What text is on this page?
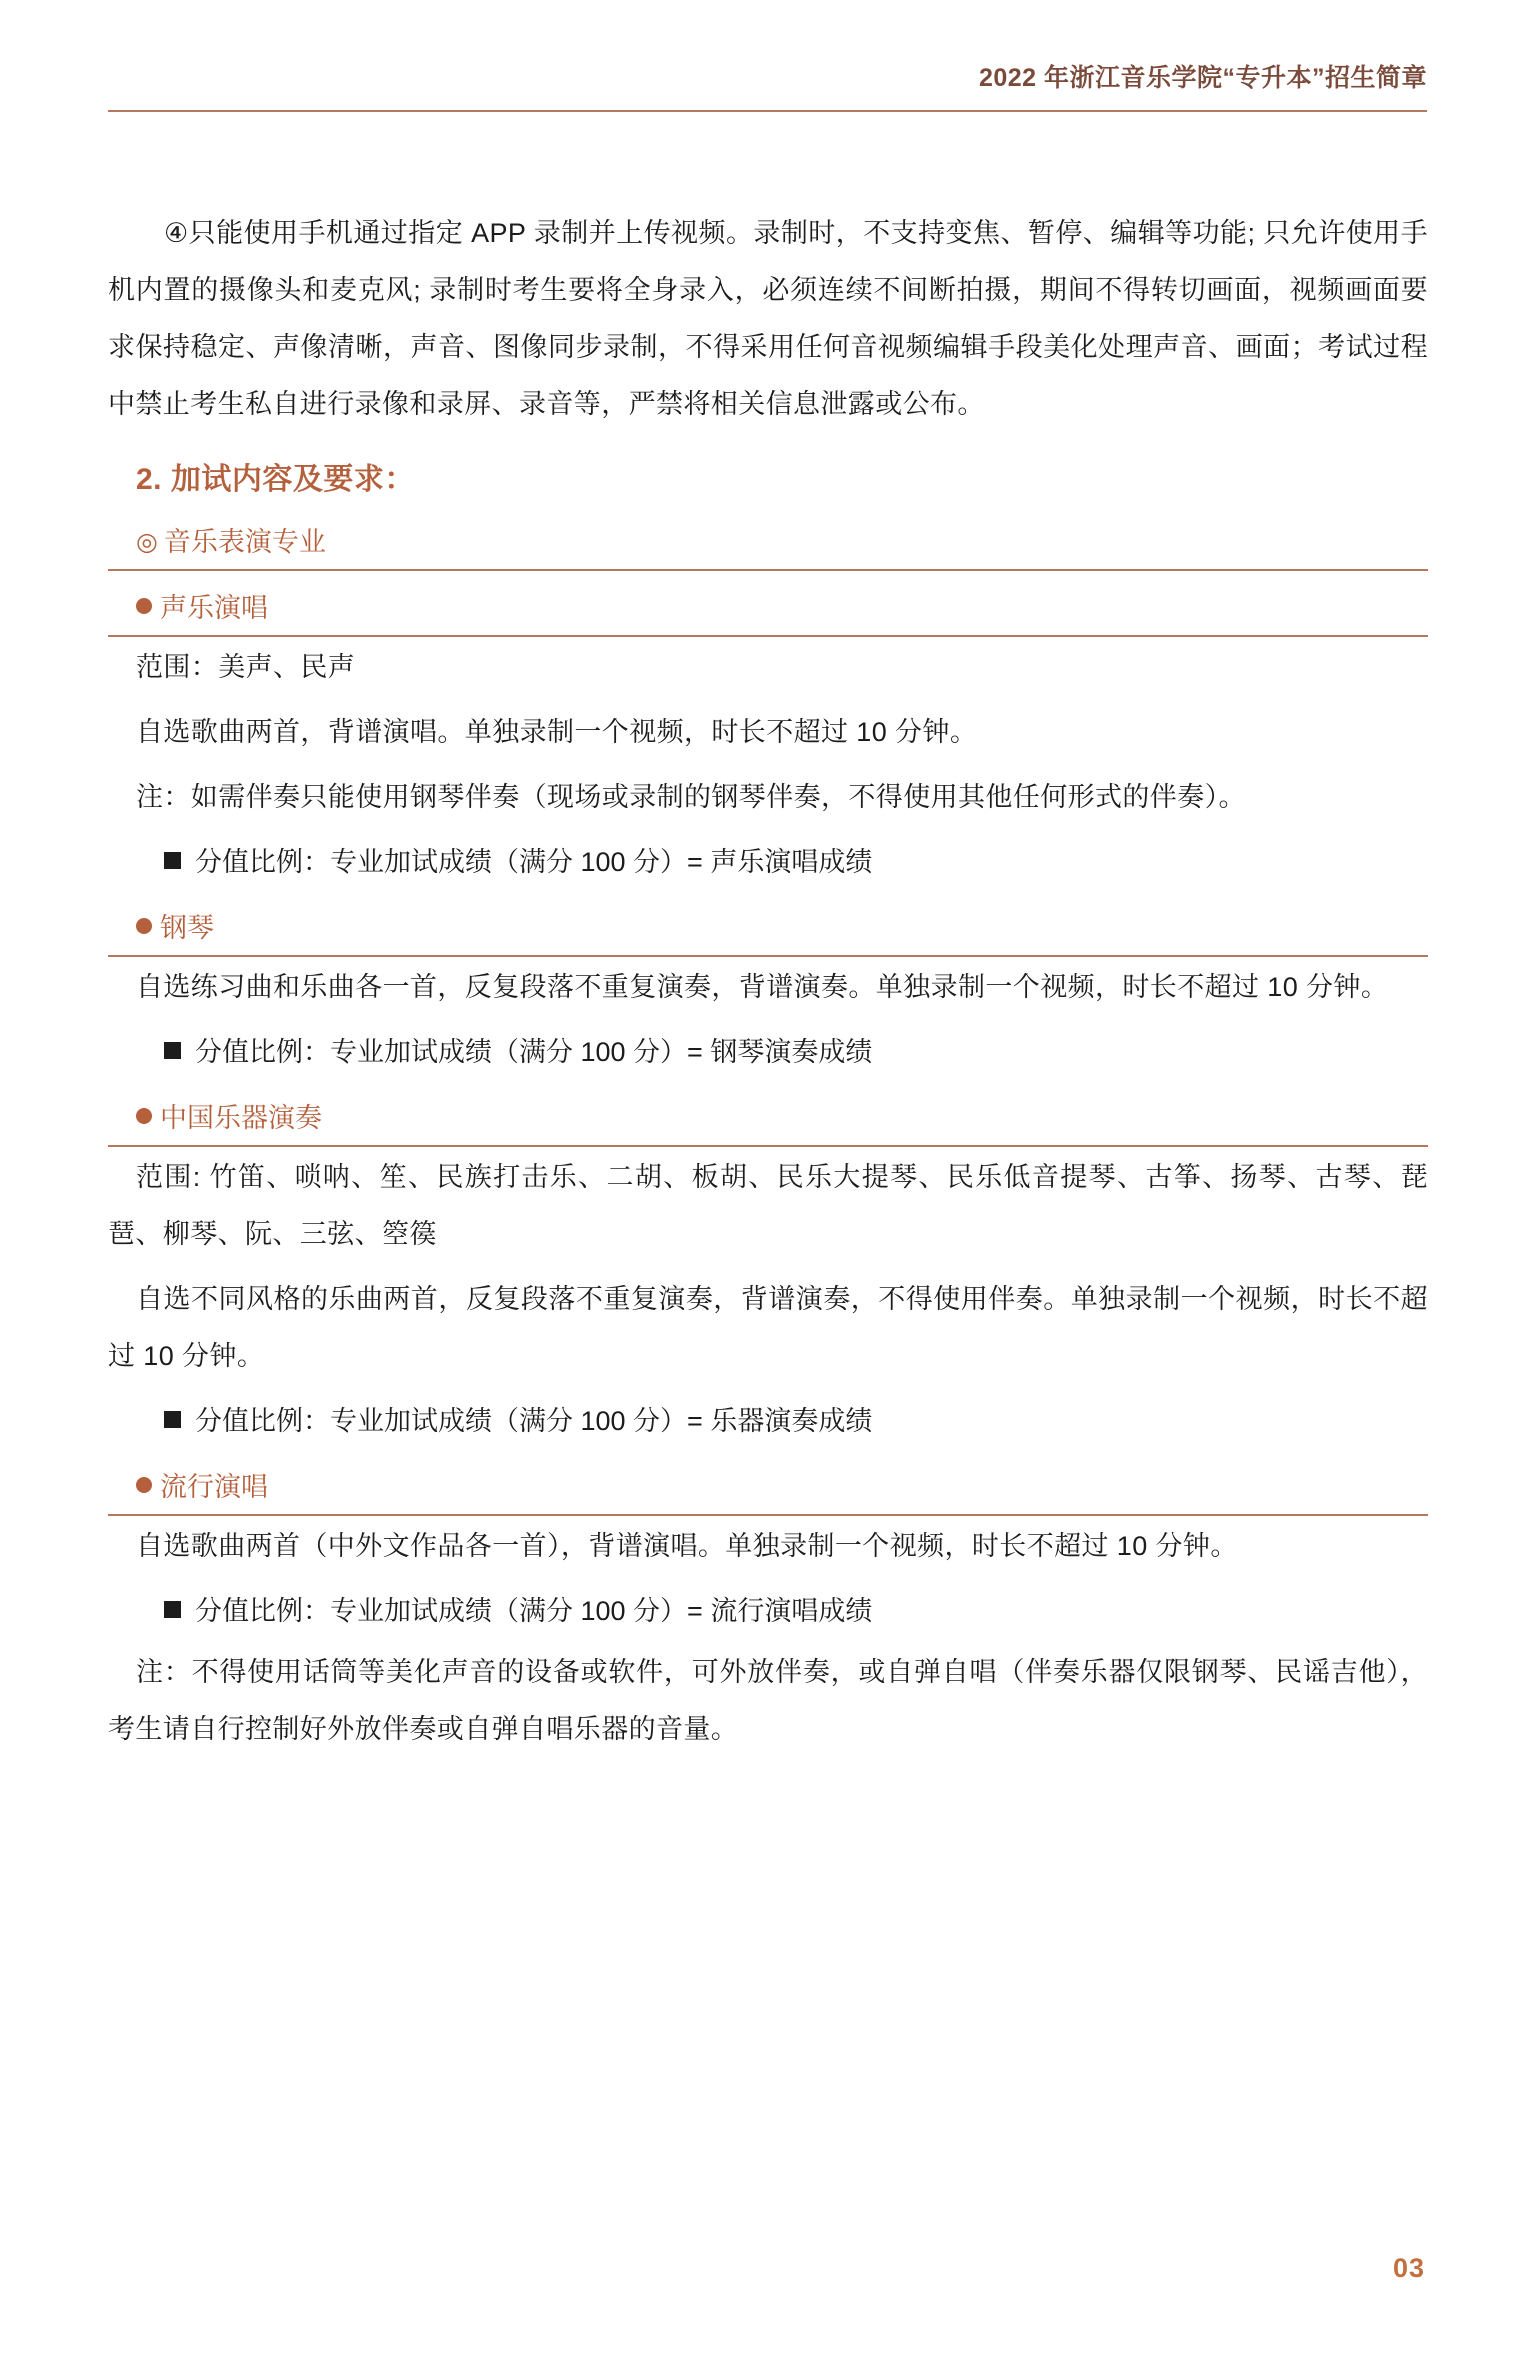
2022 年浙江音乐学院“专升本”招生简章

④只能使用手机通过指定 APP 录制并上传视频。录制时，不支持变焦、暂停、编辑等功能; 只允许使用手机内置的摄像头和麦克风; 录制时考生要将全身录入，必须连续不间断拍摄，期间不得转切画面，视频画面要求保持稳定、声像清晰，声音、图像同步录制，不得采用任何音视频编辑手段美化处理声音、画面；考试过程中禁止考生私自进行录像和录屏、录音等，严禁将相关信息泄露或公布。

2. 加试内容及要求：
◎ 音乐表演专业
声乐演唱

范围：美声、民声

自选歌曲两首，背谱演唱。单独录制一个视频，时长不超过 10 分钟。

注：如需伴奏只能使用钢琴伴奏（现场或录制的钢琴伴奏，不得使用其他任何形式的伴奏）。

分值比例：专业加试成绩（满分 100 分）= 声乐演唱成绩
钢琴

自选练习曲和乐曲各一首，反复段落不重复演奏，背谱演奏。单独录制一个视频，时长不超过 10 分钟。

分值比例：专业加试成绩（满分 100 分）= 钢琴演奏成绩
中国乐器演奏

范围: 竹笛、唢呐、笙、民族打击乐、二胡、板胡、民乐大提琴、民乐低音提琴、古筝、扬琴、古琴、琵琶、柳琴、阮、三弦、箜篌

自选不同风格的乐曲两首，反复段落不重复演奏，背谱演奏，不得使用伴奏。单独录制一个视频，时长不超过 10 分钟。

分值比例：专业加试成绩（满分 100 分）= 乐器演奏成绩
流行演唱

自选歌曲两首（中外文作品各一首），背谱演唱。单独录制一个视频，时长不超过 10 分钟。

分值比例：专业加试成绩（满分 100 分）= 流行演唱成绩

注：不得使用话筒等美化声音的设备或软件，可外放伴奏，或自弹自唱（伴奏乐器仅限钢琴、民谣吉他），考生请自行控制好外放伴奏或自弹自唱乐器的音量。

03
